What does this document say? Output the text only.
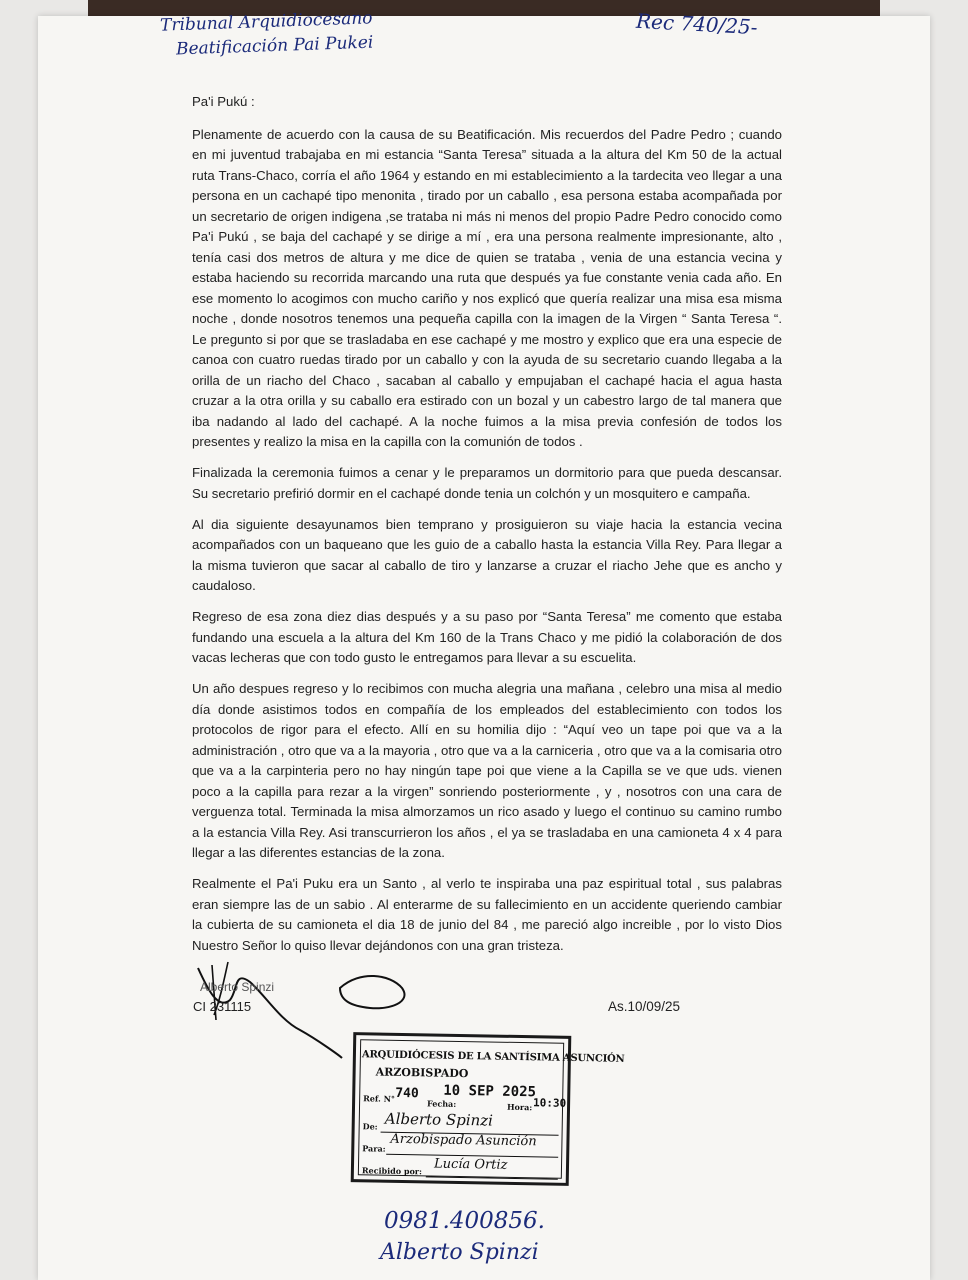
Tribunal Arquidiocesano
Beatificación Pai Pukei
Rec 740/25-

Pa'i Pukú :

Plenamente de acuerdo con la causa de su Beatificación. Mis recuerdos del Padre Pedro ; cuando en mi juventud trabajaba en mi estancia “Santa Teresa” situada a la altura del Km 50 de la actual ruta Trans-Chaco, corría el año 1964 y estando en mi establecimiento a la tardecita veo llegar a una persona en un cachapé tipo menonita , tirado por un caballo , esa persona estaba acompañada por un secretario de origen indigena ,se trataba ni más ni menos del propio Padre Pedro conocido como Pa'i Pukú , se baja del cachapé y se dirige a mí , era una persona realmente impresionante, alto , tenía casi dos metros de altura y me dice de quien se trataba , venia de una estancia vecina y estaba haciendo su recorrida marcando una ruta que después ya fue constante venia cada año. En ese momento lo acogimos con mucho cariño y nos explicó que quería realizar una misa esa misma noche , donde nosotros tenemos una pequeña capilla con la imagen de la Virgen “ Santa Teresa “. Le pregunto si por que se trasladaba en ese cachapé y me mostro y explico que era una especie de canoa con cuatro ruedas tirado por un caballo y con la ayuda de su secretario cuando llegaba a la orilla de un riacho del Chaco , sacaban al caballo y empujaban el cachapé hacia el agua hasta cruzar a la otra orilla y su caballo era estirado con un bozal y un cabestro largo de tal manera que iba nadando al lado del cachapé. A la noche fuimos a la misa previa confesión de todos los presentes y realizo la misa en la capilla con la comunión de todos .

Finalizada la ceremonia fuimos a cenar y le preparamos un dormitorio para que pueda descansar. Su secretario prefirió dormir en el cachapé donde tenia un colchón y un mosquitero e campaña.

Al dia siguiente desayunamos bien temprano y prosiguieron su viaje hacia la estancia vecina acompañados con un baqueano que les guio de a caballo hasta la estancia Villa Rey. Para llegar a la misma tuvieron que sacar al caballo de tiro y lanzarse a cruzar el riacho Jehe que es ancho y caudaloso.

Regreso de esa zona diez dias después y a su paso por “Santa Teresa” me comento que estaba fundando una escuela a la altura del Km 160 de la Trans Chaco y me pidió la colaboración de dos vacas lecheras que con todo gusto le entregamos para llevar a su escuelita.

Un año despues regreso y lo recibimos con mucha alegria una mañana , celebro una misa al medio día donde asistimos todos en compañía de los empleados del establecimiento con todos los protocolos de rigor para el efecto. Allí en su homilia dijo : “Aquí veo un tape poi que va a la administración , otro que va a la mayoria , otro que va a la carniceria , otro que va a la comisaria otro que va a la carpinteria pero no hay ningún tape poi que viene a la Capilla se ve que uds. vienen poco a la capilla para rezar a la virgen” sonriendo posteriormente , y , nosotros con una cara de verguenza total. Terminada la misa almorzamos un rico asado y luego el continuo su camino rumbo a la estancia Villa Rey. Asi transcurrieron los años , el ya se trasladaba en una camioneta 4 x 4 para llegar a las diferentes estancias de la zona.

Realmente el Pa'i Puku era un Santo , al verlo te inspiraba una paz espiritual total , sus palabras eran siempre las de un sabio . Al enterarme de su fallecimiento en un accidente queriendo cambiar la cubierta de su camioneta el dia 18 de junio del 84 , me pareció algo increible , por lo visto Dios Nuestro Señor lo quiso llevar dejándonos con una gran tristeza.

Alberto Spinzi
CI 231115	As.10/09/25
ARQUIDIÓCESIS DE LA SANTÍSIMA ASUNCIÓN
ARZOBISPADO
Ref. N° 740
Fecha:
10 SEP 2025
Hora: 10:30
De: Alberto Spinzi
Para: Arzobispado Asunción
Recibido por: Lucía Ortiz
0981.400856.
Alberto Spinzi
